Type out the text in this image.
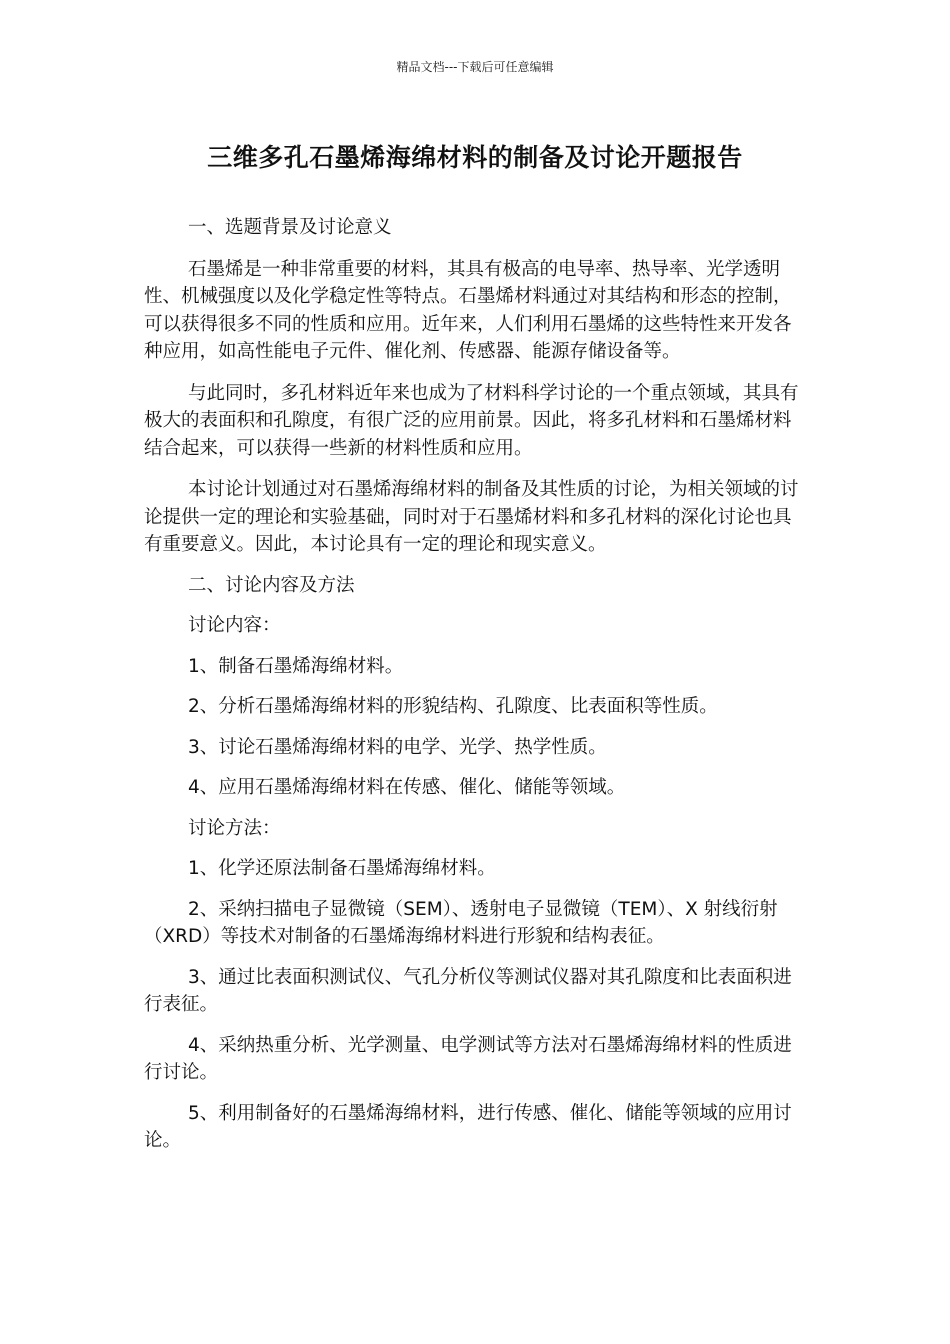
精品文档---下载后可任意编辑
三维多孔石墨烯海绵材料的制备及讨论开题报告

一、选题背景及讨论意义

石墨烯是一种非常重要的材料，其具有极高的电导率、热导率、光学透明性、机械强度以及化学稳定性等特点。石墨烯材料通过对其结构和形态的控制，可以获得很多不同的性质和应用。近年来，人们利用石墨烯的这些特性来开发各种应用，如高性能电子元件、催化剂、传感器、能源存储设备等。

与此同时，多孔材料近年来也成为了材料科学讨论的一个重点领域，其具有极大的表面积和孔隙度，有很广泛的应用前景。因此，将多孔材料和石墨烯材料结合起来，可以获得一些新的材料性质和应用。

本讨论计划通过对石墨烯海绵材料的制备及其性质的讨论，为相关领域的讨论提供一定的理论和实验基础，同时对于石墨烯材料和多孔材料的深化讨论也具有重要意义。因此，本讨论具有一定的理论和现实意义。

二、讨论内容及方法

讨论内容：

1、制备石墨烯海绵材料。

2、分析石墨烯海绵材料的形貌结构、孔隙度、比表面积等性质。

3、讨论石墨烯海绵材料的电学、光学、热学性质。

4、应用石墨烯海绵材料在传感、催化、储能等领域。

讨论方法：

1、化学还原法制备石墨烯海绵材料。

2、采纳扫描电子显微镜（SEM）、透射电子显微镜（TEM）、X 射线衍射（XRD）等技术对制备的石墨烯海绵材料进行形貌和结构表征。

3、通过比表面积测试仪、气孔分析仪等测试仪器对其孔隙度和比表面积进行表征。

4、采纳热重分析、光学测量、电学测试等方法对石墨烯海绵材料的性质进行讨论。

5、利用制备好的石墨烯海绵材料，进行传感、催化、储能等领域的应用讨论。
